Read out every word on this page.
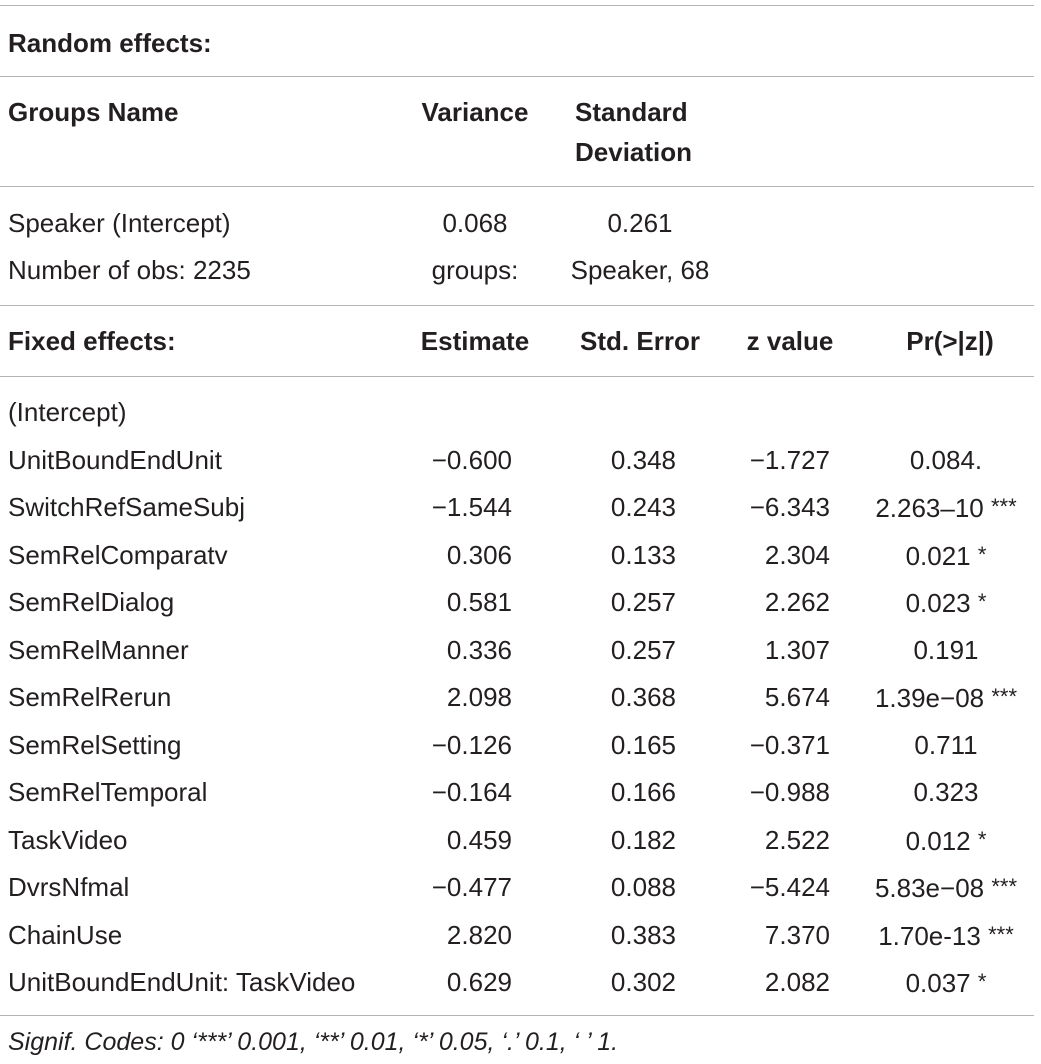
Random effects:
Groups Name	Variance	Standard
Deviation
Speaker (Intercept)	0.068	0.261
Number of obs: 2235	groups:	Speaker, 68
Fixed effects:	Estimate	Std. Error	z value	Pr(>|z|)
(Intercept)
UnitBoundEndUnit	−0.600	0.348	−1.727	0.084.
SwitchRefSameSubj	−1.544	0.243	−6.343	2.263–10 ***
SemRelComparatv	0.306	0.133	2.304	0.021 *
SemRelDialog	0.581	0.257	2.262	0.023 *
SemRelManner	0.336	0.257	1.307	0.191
SemRelRerun	2.098	0.368	5.674	1.39e−08 ***
SemRelSetting	−0.126	0.165	−0.371	0.711
SemRelTemporal	−0.164	0.166	−0.988	0.323
TaskVideo	0.459	0.182	2.522	0.012 *
DvrsNfmal	−0.477	0.088	−5.424	5.83e−08 ***
ChainUse	2.820	0.383	7.370	1.70e-13 ***
UnitBoundEndUnit: TaskVideo	0.629	0.302	2.082	0.037 *
Signif. Codes: 0 ‘***’ 0.001, ‘**’ 0.01, ‘*’ 0.05, ‘.’ 0.1, ‘ ’ 1.
